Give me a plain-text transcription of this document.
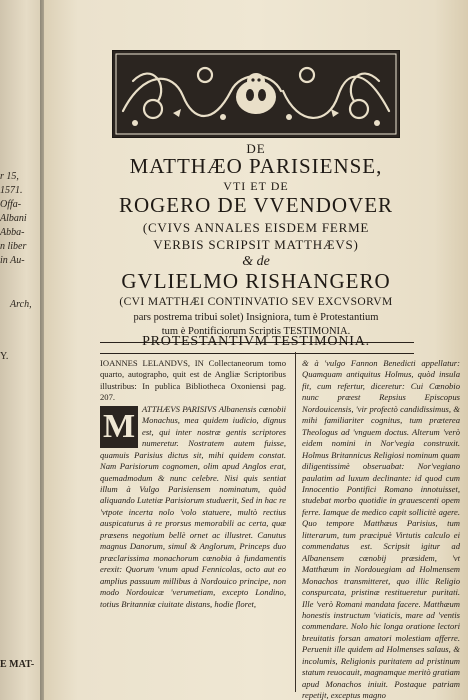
r 15,
1571.
Offa-
Albani
Abba-
n liber
in Au-
Arch,
Y.
E MAT-
DE
MATTHÆO PARISIENSE,
VTI ET DE
ROGERO DE VVENDOVER
(CVIVS ANNALES EISDEM FERME
VERBIS SCRIPSIT MATTHÆVS)
& de
GVLIELMO RISHANGERO
(CVI MATTHÆI CONTINVATIO SEV EXCVSORVM
pars postrema tribui solet) Insigniora, tum è Protestantium
tum è Pontificiorum Scriptis TESTIMONIA.
PROTESTANTIVM TESTIMONIA.

IOANNES LELANDVS, IN Collectaneorum tomo quarto, autographo, quit est de Angliæ Scriptoribus illustribus: In publica Bibliotheca Oxoniensi pag. 207.

M ATTHÆVS PARISIVS Albanensis cœnobii Monachus, mea quidem iudicio, dignus est, qui inter nostræ gentis scriptores numeretur. Nostratem autem fuisse, quamuis Parisius dictus sit, mihi quidem constat. Nam Parisiorum cognomen, olim apud Anglos erat, quemadmodum & nunc celebre. Nisi quis sentiat illum à Vulgo Parisiensem nominatum, quòd aliquando Lutetiæ Parisiorum studuerit, Sed in hac re 'vtpote incerta nolo 'volo statuere, multò rectius auspicaturus à re prorsus memorabili ac certa, quæ præsens negotium bellè ornet ac illustret. Canutus magnus Danorum, simul & Anglorum, Princeps duo præclarissima monachorum cœnobia à fundamentis erexit: Quorum 'vnum apud Fennicolas, octo aut eo amplius passuum millibus à Nordouico principe, non modo Nordouicæ 'verumetiam, excepto Londino, totius Britanniæ ciuitate distans, hodie floret,

& à 'vulgo Fannon Benedicti appellatur: Quamquam antiquitus Holmus, quòd insula fit, cum refertur, diceretur: Cui Cœnobio nunc præest Repsius Episcopus Nordouicensis, 'vir profectò candidissimus, & mihi familiariter cognitus, tum præterea Theologus ad 'vnguem doctus. Alterum 'verò eidem nomini in Nor'vegia construxit. Holmus Britannicus Religiosi nominum quam diligentissimè obseruabat: Nor'vegiano paulatim ad luxum declinante: id quod cum Innocentio Pontifici Romano innotuisset, studebat morbo quotidie in grauescenti opem ferre. Iamque de medico capit sollicitè agere. Quo tempore Matthæus Parisius, tum litterarum, tum præcipuè Virtutis calculo ei commendatus est. Scripsit igitur ad Albanensem cœnobij præsidem, 'vt Matthæum in Nordouegiam ad Holmensem Monachos transmitteret, quo illic Religio conspurcata, pristinæ restitueretur puritati. Ille 'verò Romani mandata facere. Matthæum honestis instructum 'viaticis, mare ad 'ventis commendare. Nolo hic longa oratione lectori breuitatis forsan amatori molestiam afferre. Peruenit ille quidem ad Holmenses salaus, & incolumis, Religionis puritatem ad pristinum statum reuocauit, magnamque meritò gratiam apud Monachos iniuit. Postaque patriam repetijt, exceptus magno
